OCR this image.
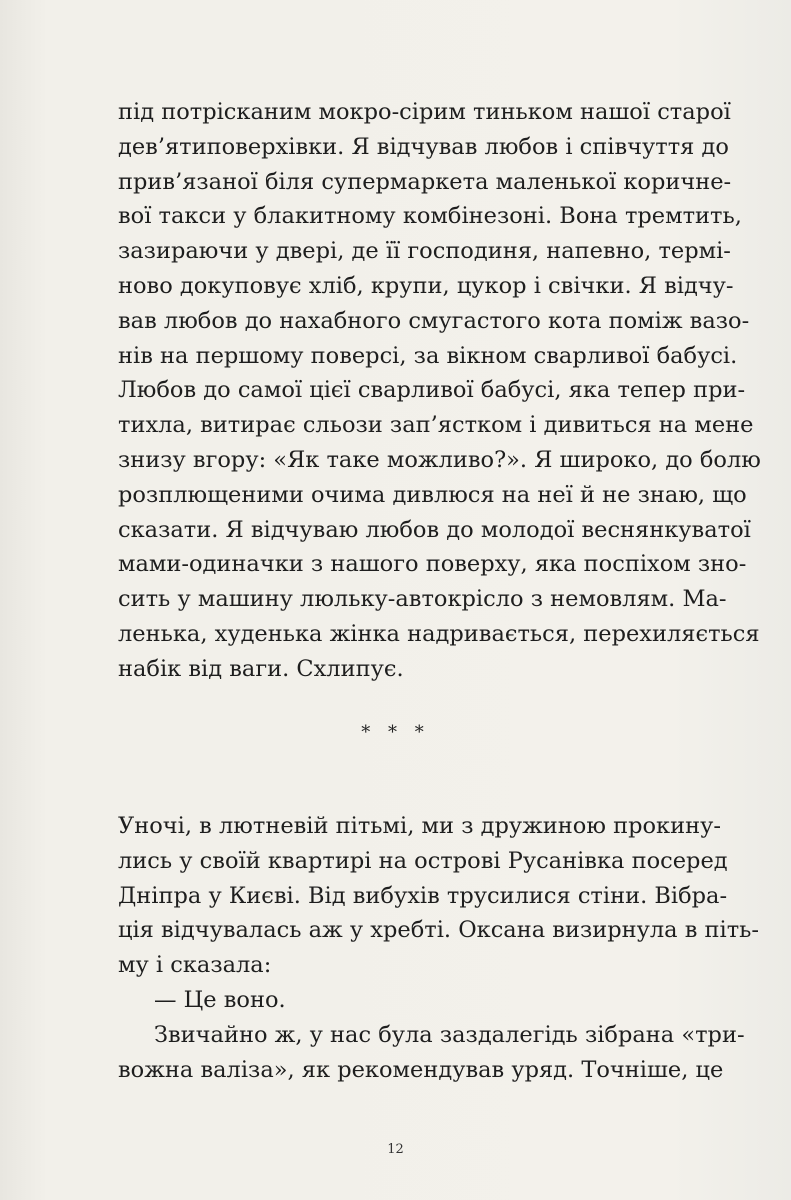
під потрісканим мокро-сірим тиньком нашої старої
дев’ятиповерхівки. Я відчував любов і співчуття до
прив’язаної біля супермаркета маленької коричне-
вої такси у блакитному комбінезоні. Вона тремтить,
зазираючи у двері, де її господиня, напевно, термі-
ново докуповує хліб, крупи, цукор і свічки. Я відчу-
вав любов до нахабного смугастого кота поміж вазо-
нів на першому поверсі, за вікном сварливої бабусі.
Любов до самої цієї сварливої бабусі, яка тепер при-
тихла, витирає сльози зап’ястком і дивиться на мене
знизу вгору: «Як таке можливо?». Я широко, до болю
розплющеними очима дивлюся на неї й не знаю, що
сказати. Я відчуваю любов до молодої веснянкуватої
мами-одиначки з нашого поверху, яка поспіхом зно-
сить у машину люльку-автокрісло з немовлям. Ма-
ленька, худенька жінка надривається, перехиляється
набік від ваги. Схлипує.
* * *
Уночі, в лютневій пітьмі, ми з дружиною прокину-
лись у своїй квартирі на острові Русанівка посеред
Дніпра у Києві. Від вибухів трусилися стіни. Вібра-
ція відчувалась аж у хребті. Оксана визирнула в піть-
му і сказала:
— Це воно.
Звичайно ж, у нас була заздалегідь зібрана «три-
вожна валіза», як рекомендував уряд. Точніше, це
12
